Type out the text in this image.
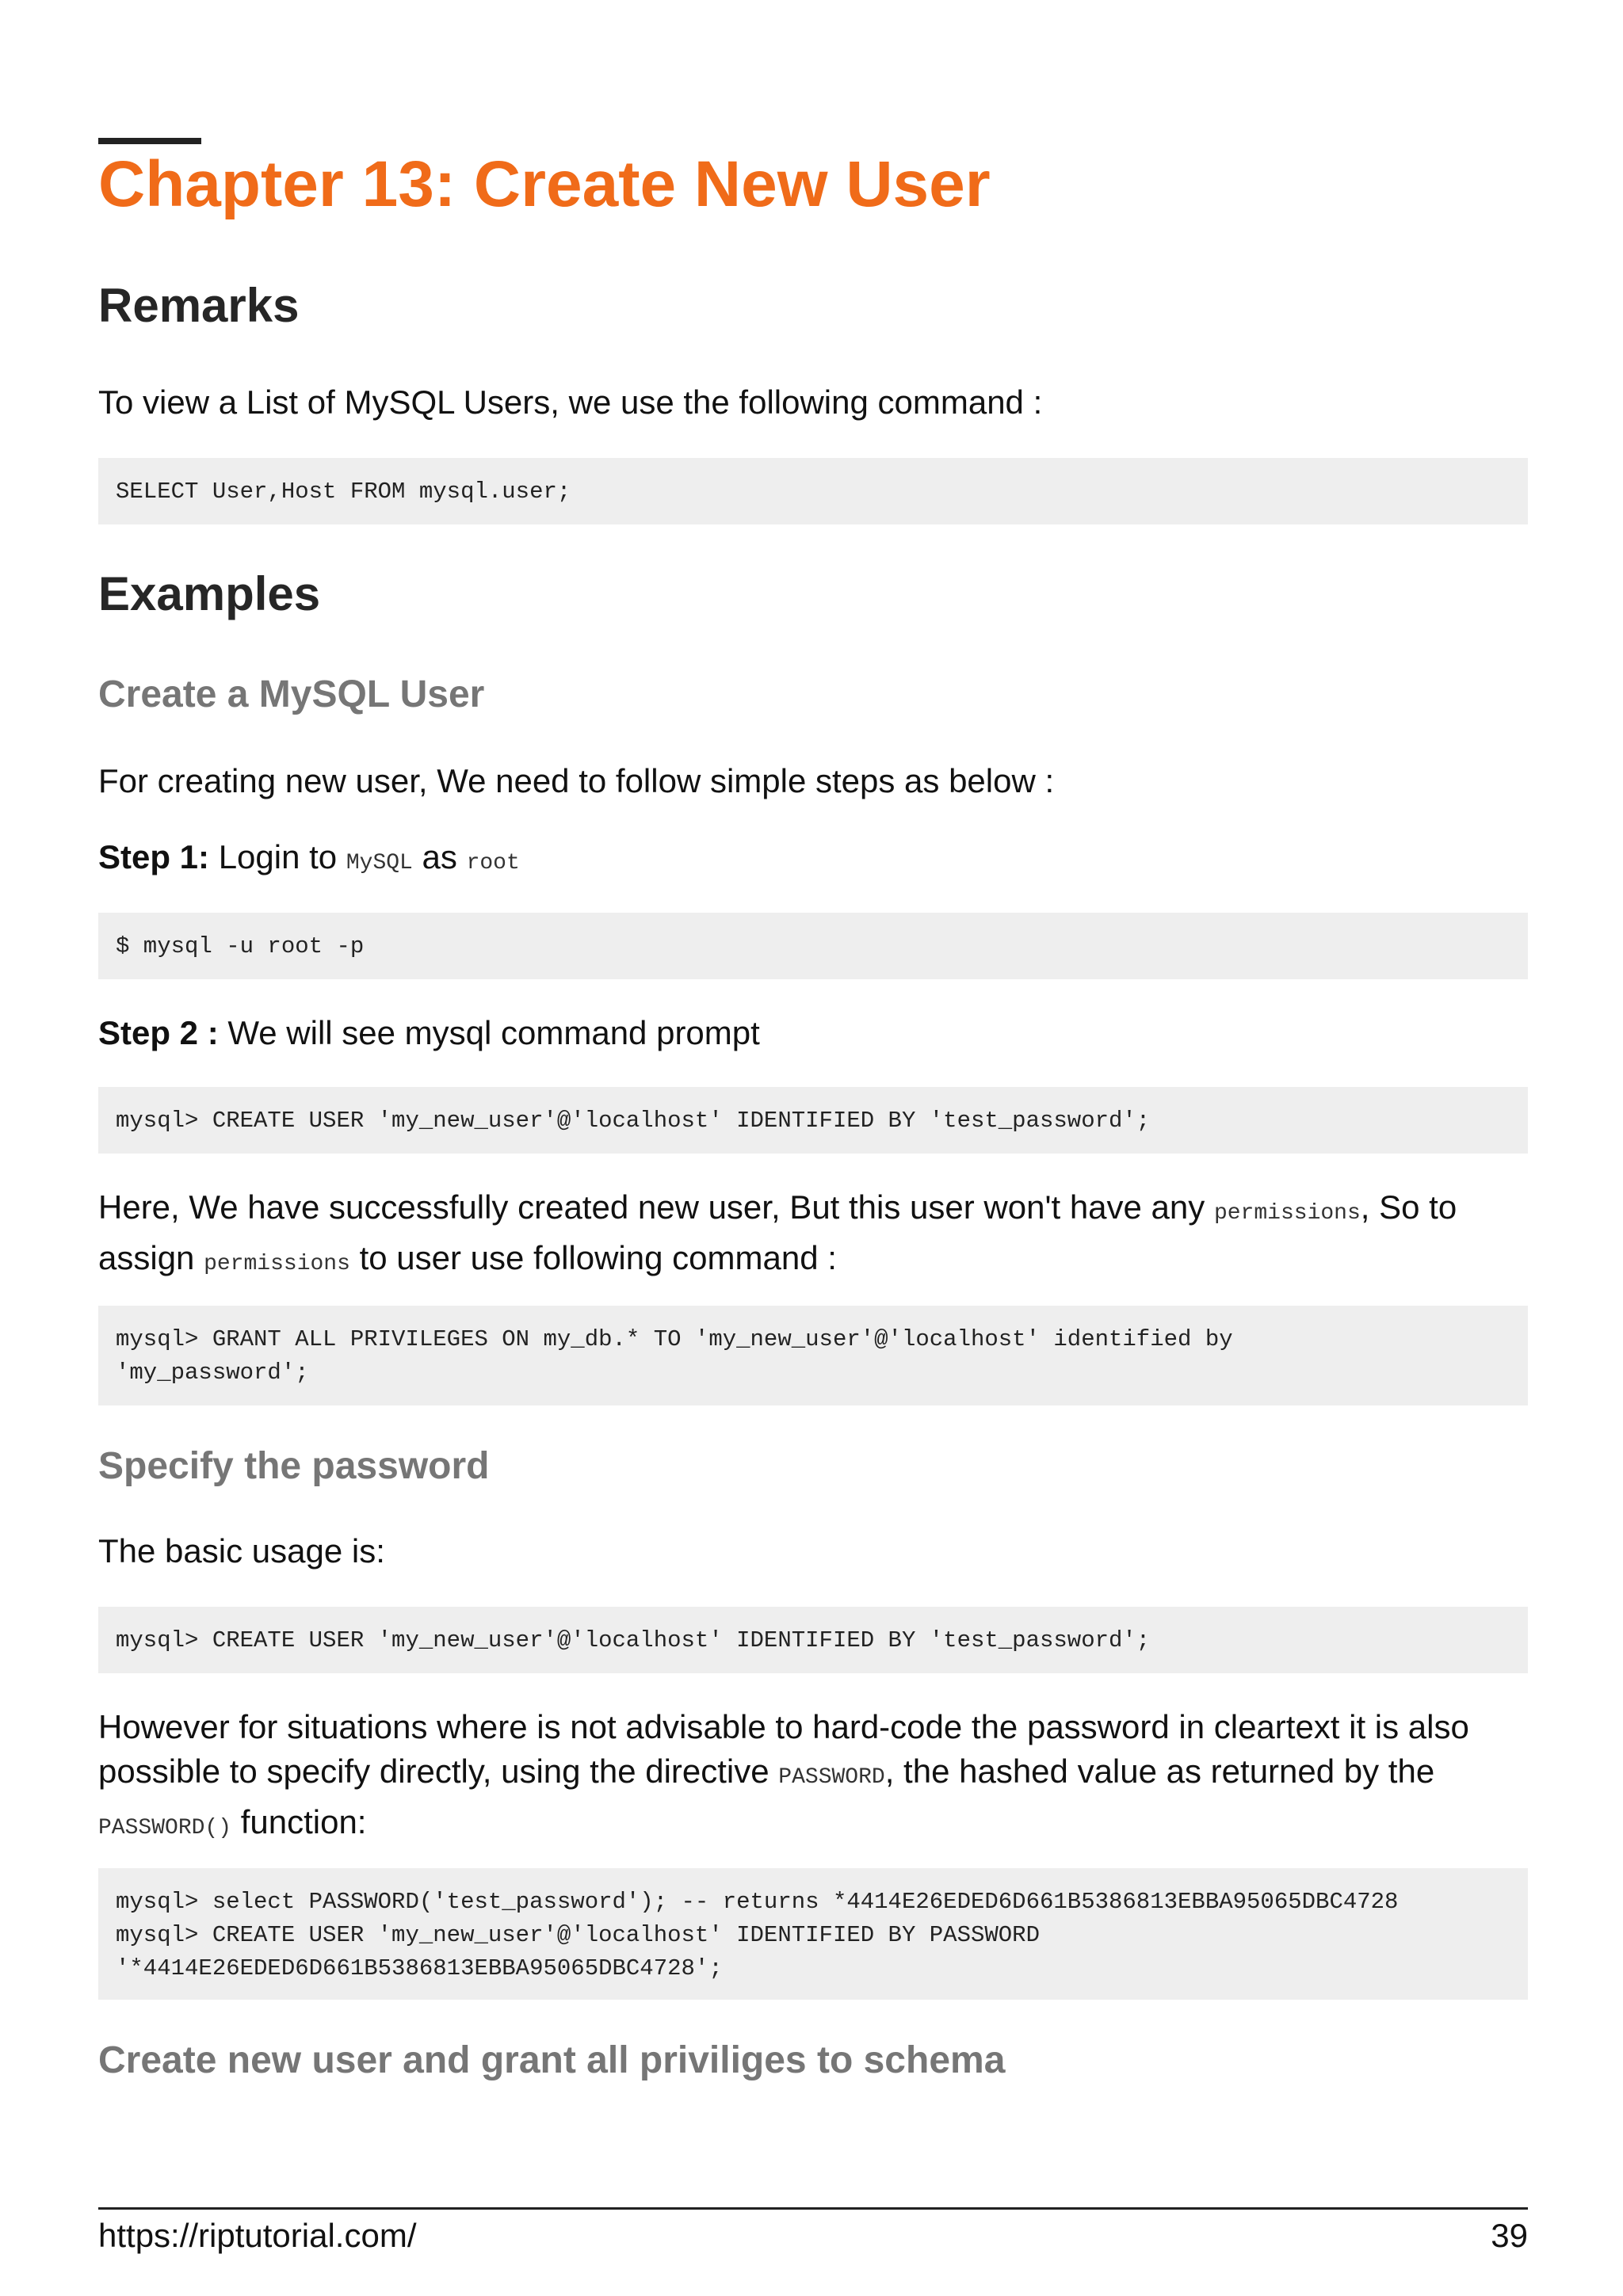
Chapter 13: Create New User
Remarks

To view a List of MySQL Users, we use the following command :

SELECT User,Host FROM mysql.user;
Examples
Create a MySQL User

For creating new user, We need to follow simple steps as below :

Step 1: Login to MySQL as root

$ mysql -u root -p

Step 2 : We will see mysql command prompt

mysql> CREATE USER 'my_new_user'@'localhost' IDENTIFIED BY 'test_password';

Here, We have successfully created new user, But this user won't have any permissions, So to assign permissions to user use following command :

mysql> GRANT ALL PRIVILEGES ON my_db.* TO 'my_new_user'@'localhost' identified by
'my_password';
Specify the password

The basic usage is:

mysql> CREATE USER 'my_new_user'@'localhost' IDENTIFIED BY 'test_password';

However for situations where is not advisable to hard-code the password in cleartext it is also possible to specify directly, using the directive PASSWORD, the hashed value as returned by the PASSWORD() function:

mysql> select PASSWORD('test_password'); -- returns *4414E26EDED6D661B5386813EBBA95065DBC4728
mysql> CREATE USER 'my_new_user'@'localhost' IDENTIFIED BY PASSWORD
'*4414E26EDED6D661B5386813EBBA95065DBC4728';
Create new user and grant all priviliges to schema
https://riptutorial.com/	39
